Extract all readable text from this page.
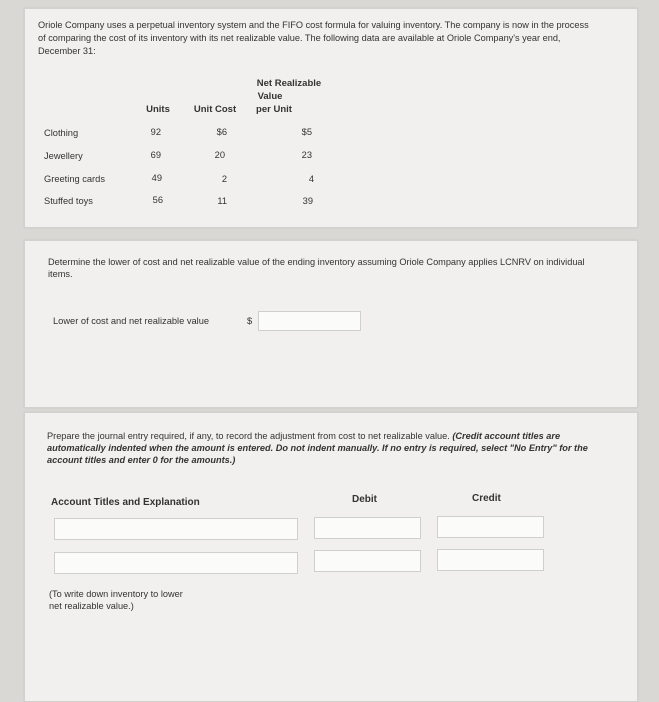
Oriole Company uses a perpetual inventory system and the FIFO cost formula for valuing inventory. The company is now in the process of comparing the cost of its inventory with its net realizable value. The following data are available at Oriole Company's year end, December 31:

Units	Unit Cost
Net Realizable
Value
per Unit
Clothing	92	$6	$5
Jewellery	69	20	23
Greeting cards	49	2	4
Stuffed toys	56	11	39

Determine the lower of cost and net realizable value of the ending inventory assuming Oriole Company applies LCNRV on individual items.

Lower of cost and net realizable value	$

Prepare the journal entry required, if any, to record the adjustment from cost to net realizable value. (Credit account titles are automatically indented when the amount is entered. Do not indent manually. If no entry is required, select "No Entry" for the account titles and enter 0 for the amounts.)

Account Titles and Explanation	Debit	Credit
(To write down inventory to lower net realizable value.)
